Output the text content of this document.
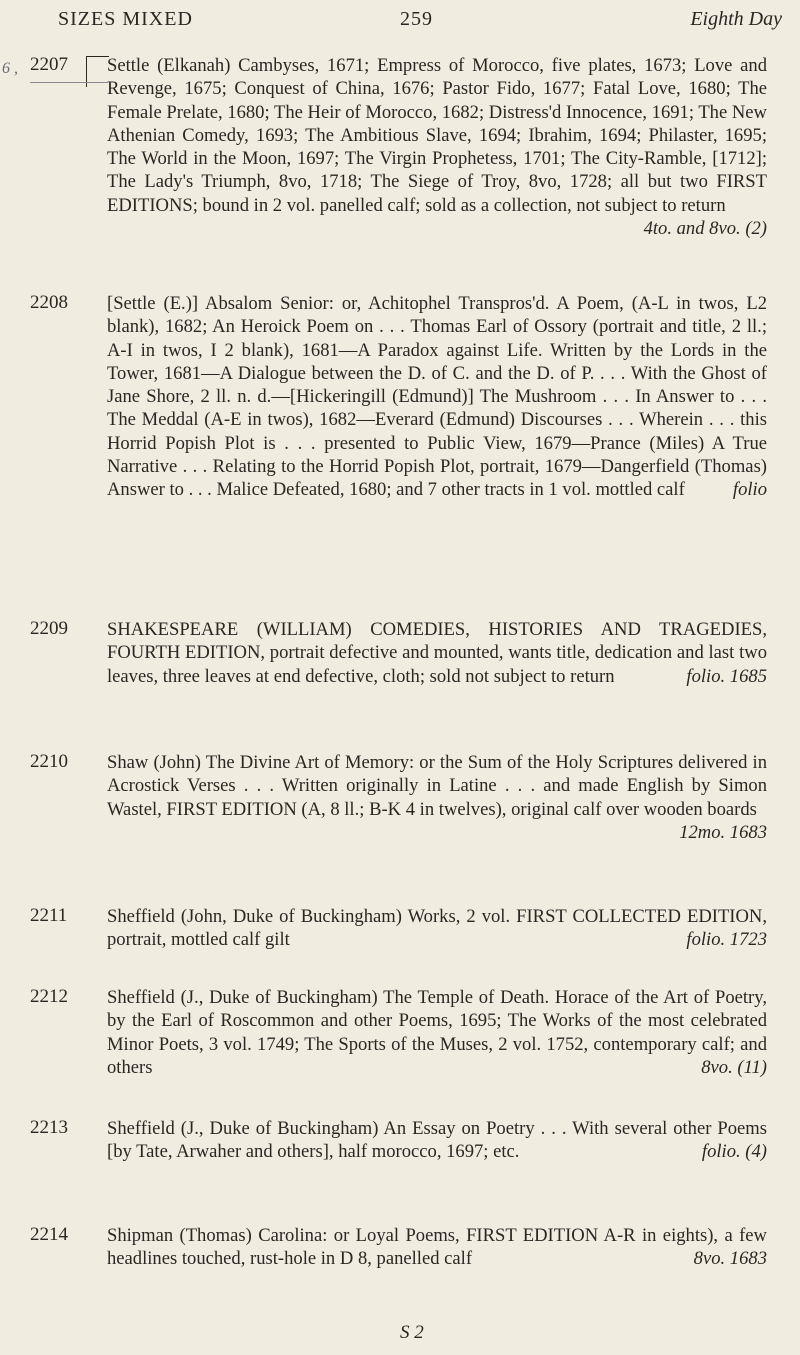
SIZES MIXED	259	Eighth Day
6 , 2207	Settle (Elkanah) Cambyses, 1671; Empress of Morocco, five plates, 1673; Love and Revenge, 1675; Conquest of China, 1676; Pastor Fido, 1677; Fatal Love, 1680; The Female Prelate, 1680; The Heir of Morocco, 1682; Distress'd Innocence, 1691; The New Athenian Comedy, 1693; The Ambitious Slave, 1694; Ibrahim, 1694; Philaster, 1695; The World in the Moon, 1697; The Virgin Prophetess, 1701; The City-Ramble, [1712]; The Lady's Triumph, 8vo, 1718; The Siege of Troy, 8vo, 1728; all but two FIRST EDITIONS; bound in 2 vol. panelled calf; sold as a collection, not subject to return
4to. and 8vo. (2)
2208	[Settle (E.)] Absalom Senior: or, Achitophel Transpros'd. A Poem, (A-L in twos, L2 blank), 1682; An Heroick Poem on . . . Thomas Earl of Ossory (portrait and title, 2 ll.; A-I in twos, I 2 blank), 1681—A Paradox against Life. Written by the Lords in the Tower, 1681—A Dialogue between the D. of C. and the D. of P. . . . With the Ghost of Jane Shore, 2 ll. n. d.—[Hickeringill (Edmund)] The Mushroom . . . In Answer to . . . The Meddal (A-E in twos), 1682—Everard (Edmund) Discourses . . . Wherein . . . this Horrid Popish Plot is . . . presented to Public View, 1679—Prance (Miles) A True Narrative . . . Relating to the Horrid Popish Plot, portrait, 1679—Dangerfield (Thomas) Answer to . . . Malice Defeated, 1680; and 7 other tracts in 1 vol. mottled calf	folio
2209	SHAKESPEARE (WILLIAM) COMEDIES, HISTORIES AND TRAGEDIES, FOURTH EDITION, portrait defective and mounted, wants title, dedication and last two leaves, three leaves at end defective, cloth; sold not subject to return	folio. 1685
2210	Shaw (John) The Divine Art of Memory: or the Sum of the Holy Scriptures delivered in Acrostick Verses . . . Written originally in Latine . . . and made English by Simon Wastel, FIRST EDITION (A, 8 ll.; B-K 4 in twelves), original calf over wooden boards
12mo. 1683
2211	Sheffield (John, Duke of Buckingham) Works, 2 vol. FIRST COLLECTED EDITION, portrait, mottled calf gilt	folio. 1723
2212	Sheffield (J., Duke of Buckingham) The Temple of Death. Horace of the Art of Poetry, by the Earl of Roscommon and other Poems, 1695; The Works of the most celebrated Minor Poets, 3 vol. 1749; The Sports of the Muses, 2 vol. 1752, contemporary calf; and others	8vo. (11)
2213	Sheffield (J., Duke of Buckingham) An Essay on Poetry . . . With several other Poems [by Tate, Arwaher and others], half morocco, 1697; etc.	folio. (4)
2214	Shipman (Thomas) Carolina: or Loyal Poems, FIRST EDITION A-R in eights), a few headlines touched, rust-hole in D 8, panelled calf	8vo. 1683
S 2
